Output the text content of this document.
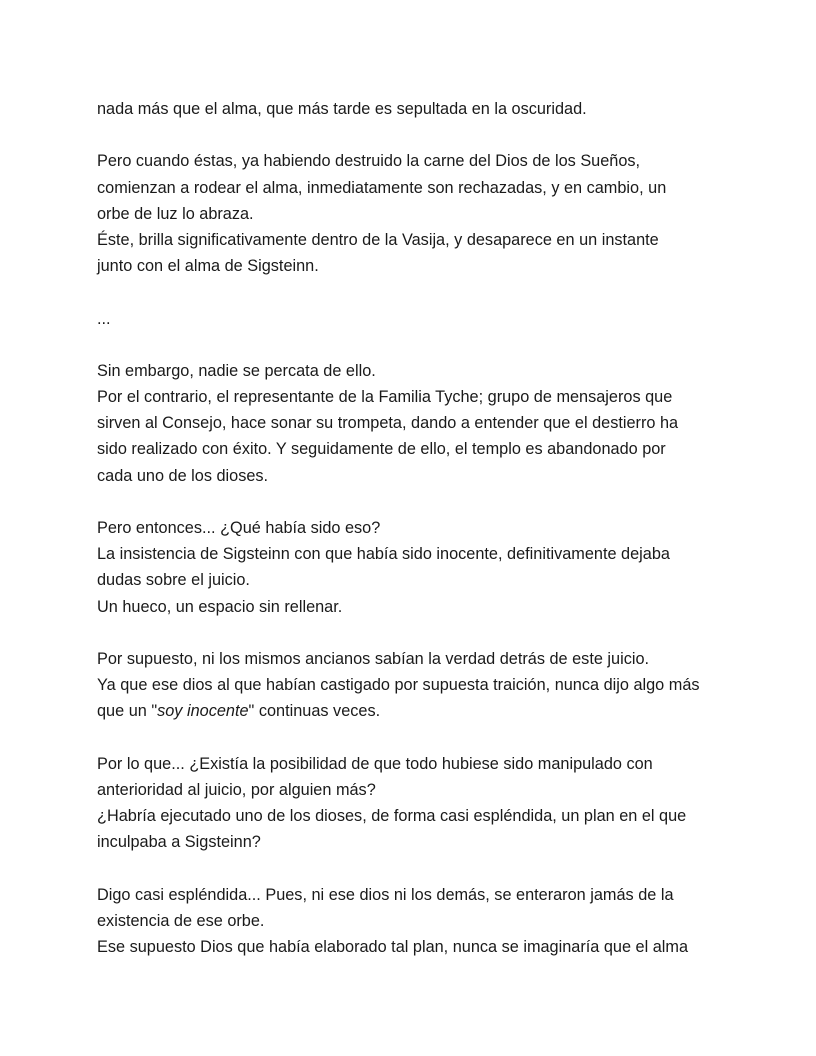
nada más que el alma, que más tarde es sepultada en la oscuridad.
Pero cuando éstas, ya habiendo destruido la carne del Dios de los Sueños,
comienzan a rodear el alma, inmediatamente son rechazadas, y en cambio, un
orbe de luz lo abraza.
Éste, brilla significativamente dentro de la Vasija, y desaparece en un instante
junto con el alma de Sigsteinn.
...
Sin embargo, nadie se percata de ello.
Por el contrario, el representante de la Familia Tyche; grupo de mensajeros que
sirven al Consejo, hace sonar su trompeta, dando a entender que el destierro ha
sido realizado con éxito. Y seguidamente de ello, el templo es abandonado por
cada uno de los dioses.
Pero entonces... ¿Qué había sido eso?
La insistencia de Sigsteinn con que había sido inocente, definitivamente dejaba
dudas sobre el juicio.
Un hueco, un espacio sin rellenar.
Por supuesto, ni los mismos ancianos sabían la verdad detrás de este juicio.
Ya que ese dios al que habían castigado por supuesta traición, nunca dijo algo más
que un "soy inocente" continuas veces.
Por lo que... ¿Existía la posibilidad de que todo hubiese sido manipulado con
anterioridad al juicio, por alguien más?
¿Habría ejecutado uno de los dioses, de forma casi espléndida, un plan en el que
inculpaba a Sigsteinn?
Digo casi espléndida... Pues, ni ese dios ni los demás, se enteraron jamás de la
existencia de ese orbe.
Ese supuesto Dios que había elaborado tal plan, nunca se imaginaría que el alma
